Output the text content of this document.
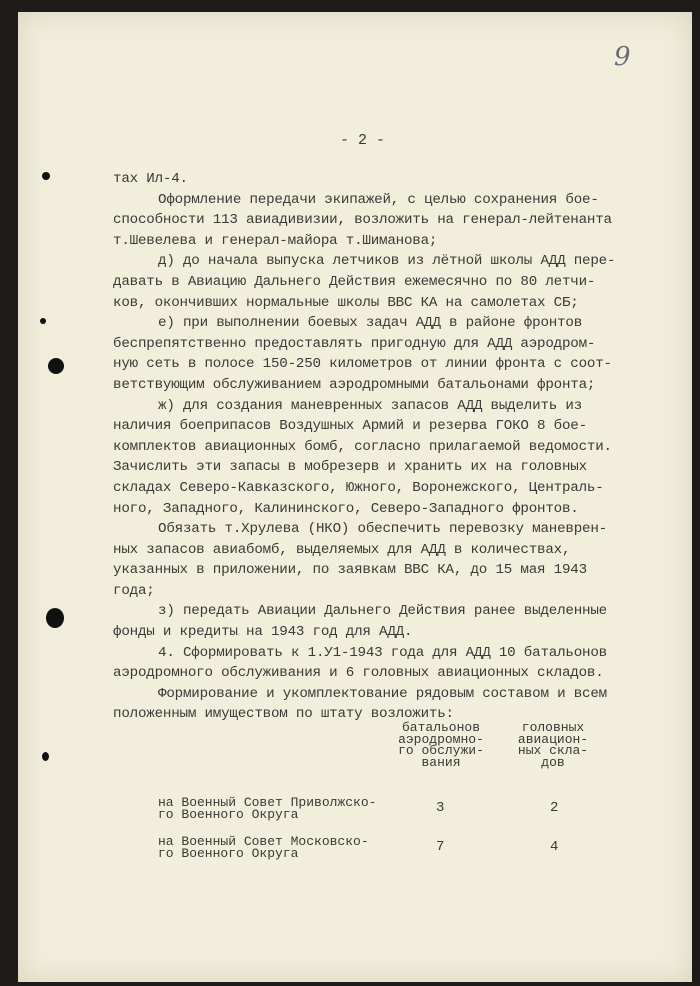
9
- 2 -
тах Ил-4.
Оформление передачи экипажей, с целью сохранения бое-
способности 113 авиадивизии, возложить на генерал-лейтенанта
т.Шевелева и генерал-майора т.Шиманова;
д) до начала выпуска летчиков из лётной школы АДД пере-
давать в Авиацию Дальнего Действия ежемесячно по 80 летчи-
ков, окончивших нормальные школы ВВС КА на самолетах СБ;
е) при выполнении боевых задач АДД в районе фронтов
беспрепятственно предоставлять пригодную для АДД аэродром-
ную сеть в полосе 150-250 километров от линии фронта с соот-
ветствующим обслуживанием аэродромными батальонами фронта;
ж) для создания маневренных запасов АДД выделить из
наличия боеприпасов Воздушных Армий и резерва ГОКО 8 бое-
комплектов авиационных бомб, согласно прилагаемой ведомости.
Зачислить эти запасы в мобрезерв и хранить их на головных
складах Северо-Кавказского, Южного, Воронежского, Централь-
ного, Западного, Калининского, Северо-Западного фронтов.
Обязать т.Хрулева (НКО) обеспечить перевозку маневрен-
ных запасов авиабомб, выделяемых для АДД в количествах,
указанных в приложении, по заявкам ВВС КА, до 15 мая 1943
года;
з) передать Авиации Дальнего Действия ранее выделенные
фонды и кредиты на 1943 год для АДД.
4. Сформировать к 1.У1-1943 года для АДД 10 батальонов
аэродромного обслуживания и 6 головных авиационных складов.
Формирование и укомплектование рядовым составом и всем
положенным имуществом по штату возложить:
батальонов
аэродромно-
го обслужи-
вания
головных
авиацион-
ных скла-
дов
на Военный Совет Приволжско-
го Военного Округа	3	2
на Военный Совет Московско-
го Военного Округа	7	4
